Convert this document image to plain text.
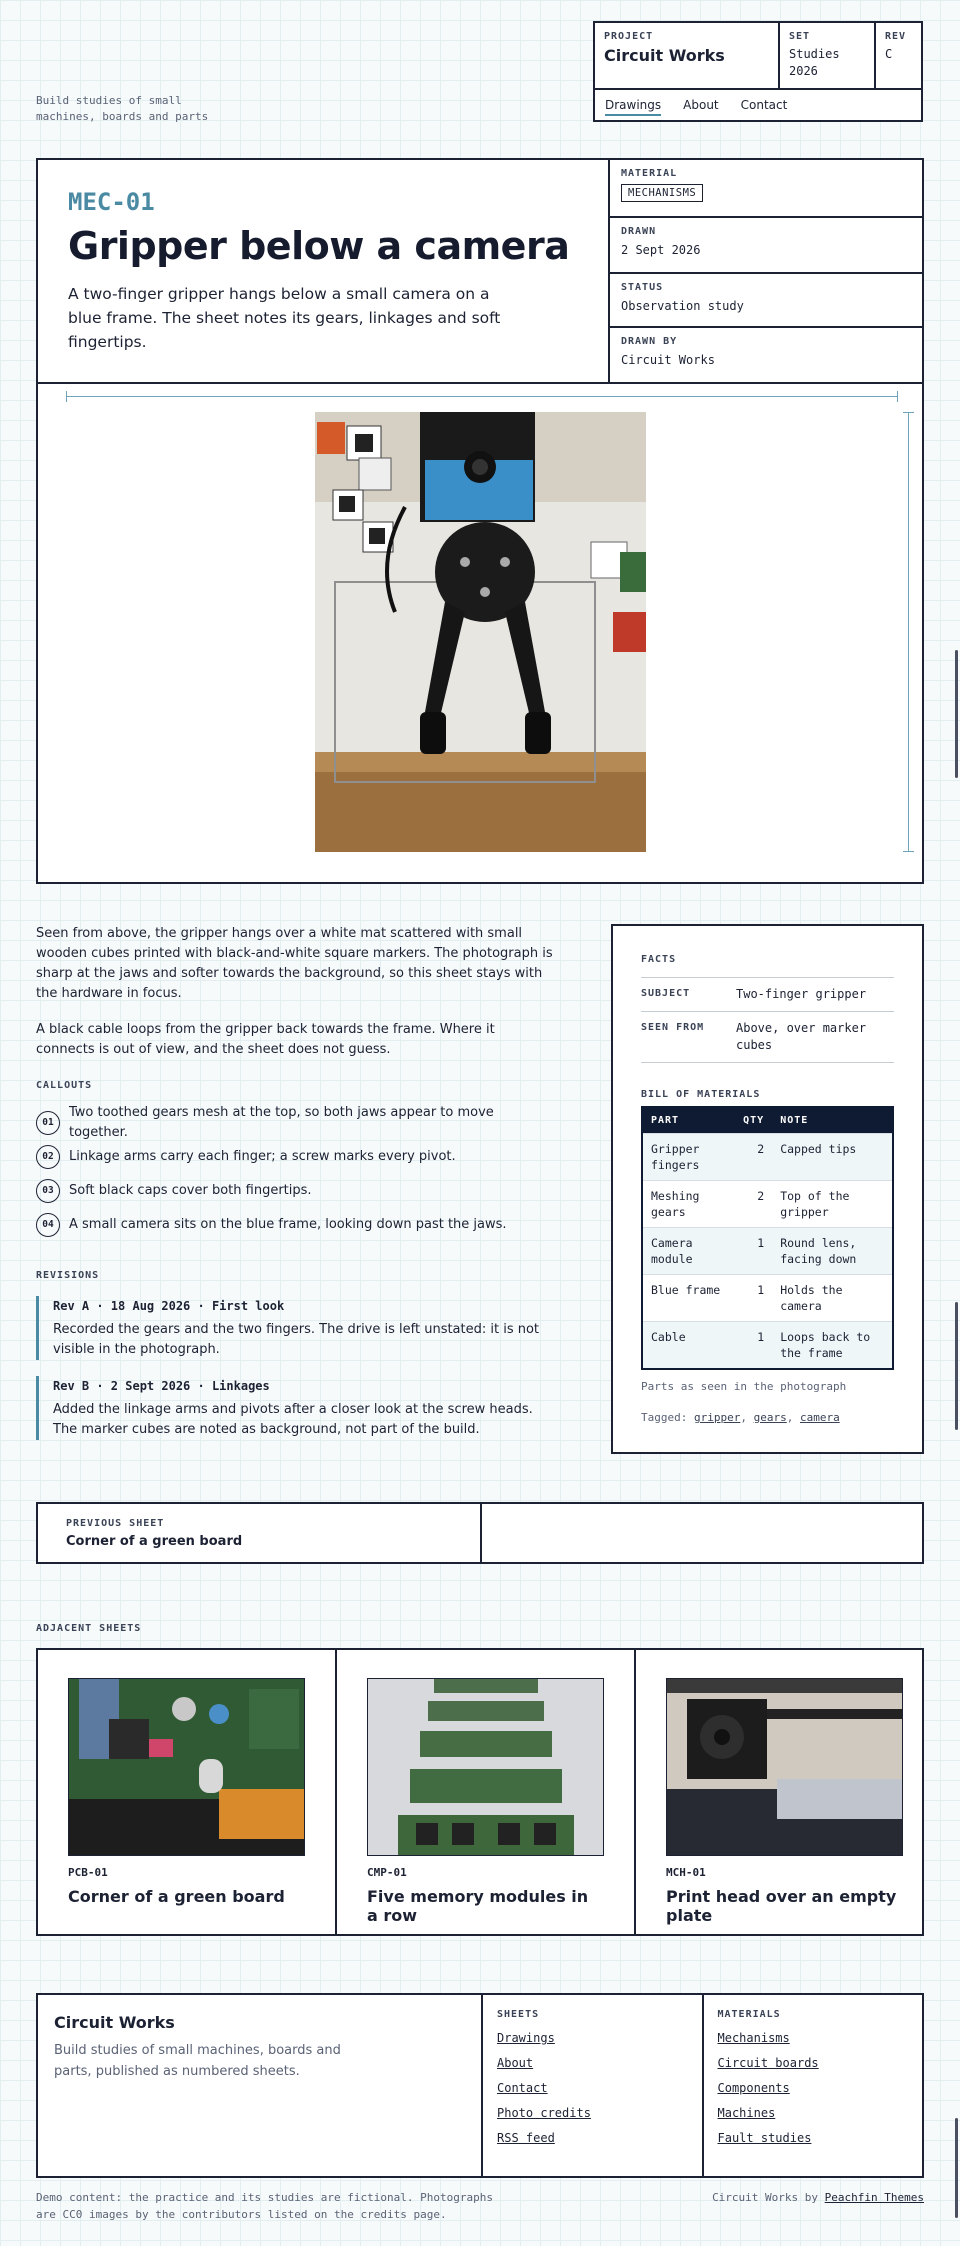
Build studies of small machines, boards and parts
PROJECT
Circuit Works
SET
Studies 2026
REV
C
Drawings About Contact
MEC-01
Gripper below a camera
A two-finger gripper hangs below a small camera on a blue frame. The sheet notes its gears, linkages and soft fingertips.
MATERIAL
MECHANISMS
DRAWN
2 Sept 2026
STATUS
Observation study
DRAWN BY
Circuit Works

Seen from above, the gripper hangs over a white mat scattered with small wooden cubes printed with black-and-white square markers. The photograph is sharp at the jaws and softer towards the background, so this sheet stays with the hardware in focus.

A black cable loops from the gripper back towards the frame. Where it connects is out of view, and the sheet does not guess.

CALLOUTS
01
Two toothed gears mesh at the top, so both jaws appear to move together.
02	Linkage arms carry each finger; a screw marks every pivot.
03	Soft black caps cover both fingertips.
04	A small camera sits on the blue frame, looking down past the jaws.
REVISIONS
Rev A · 18 Aug 2026 · First look
Recorded the gears and the two fingers. The drive is left unstated: it is not visible in the photograph.
Rev B · 2 Sept 2026 · Linkages
Added the linkage arms and pivots after a closer look at the screw heads. The marker cubes are noted as background, not part of the build.
FACTS
SUBJECT	Two-finger gripper
SEEN FROM	Above, over marker cubes
BILL OF MATERIALS
PART	QTY	NOTE
Gripper fingers	2	Capped tips
Meshing gears	2	Top of the gripper
Camera module	1	Round lens, facing down
Blue frame	1	Holds the camera
Cable	1	Loops back to the frame
Parts as seen in the photograph
Tagged: gripper, gears, camera
PREVIOUS SHEET
Corner of a green board
ADJACENT SHEETS
PCB-01
Corner of a green board
CMP-01
Five memory modules in a row
MCH-01
Print head over an empty plate
Circuit Works
Build studies of small machines, boards and parts, published as numbered sheets.
SHEETS
Drawings
About
Contact
Photo credits
RSS feed
MATERIALS
Mechanisms
Circuit boards
Components
Machines
Fault studies
Demo content: the practice and its studies are fictional. Photographs are CC0 images by the contributors listed on the credits page.
Circuit Works by Peachfin Themes
